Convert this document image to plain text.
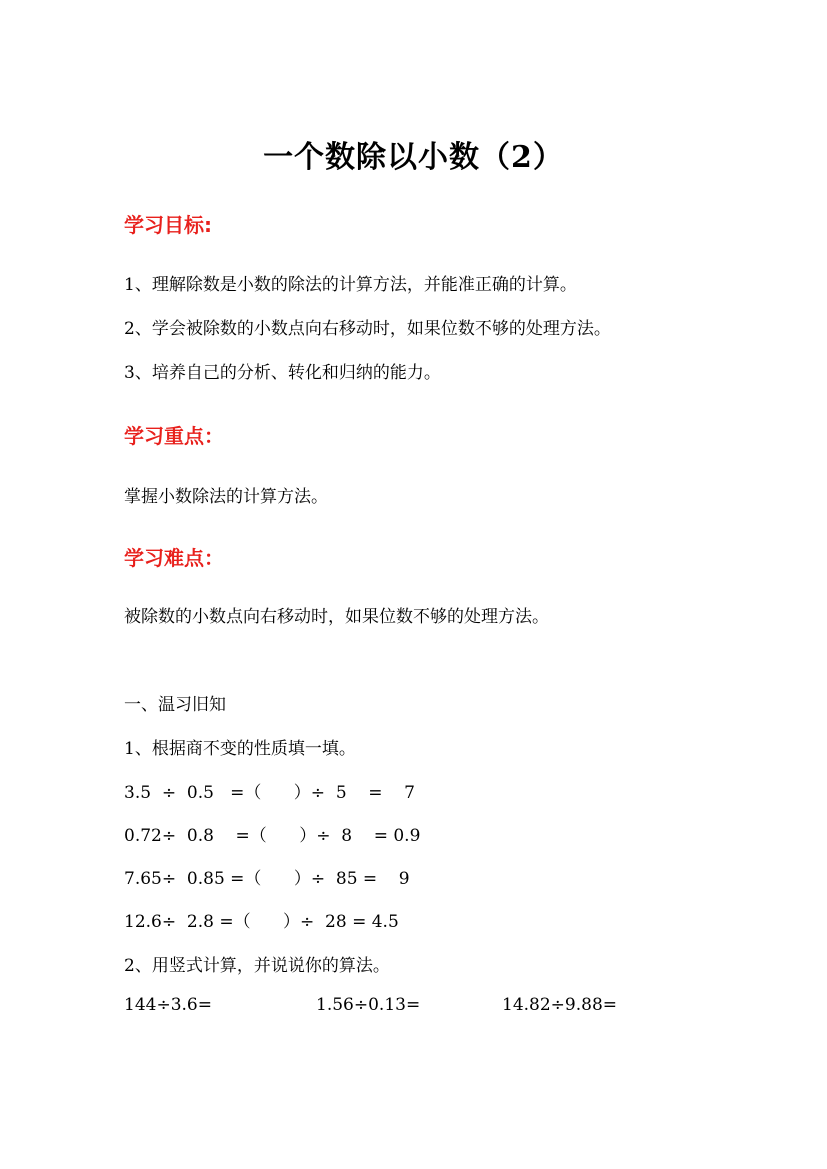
一个数除以小数（2）
学习目标:
1、理解除数是小数的除法的计算方法，并能准正确的计算。
2、学会被除数的小数点向右移动时，如果位数不够的处理方法。
3、培养自己的分析、转化和归纳的能力。
学习重点：
掌握小数除法的计算方法。
学习难点：
被除数的小数点向右移动时，如果位数不够的处理方法。
一、温习旧知
1、根据商不变的性质填一填。
3.5  ÷  0.5   =（      ）÷  5    =    7
0.72÷  0.8    =（      ）÷  8    = 0.9
7.65÷  0.85 =（      ）÷  85 =    9
12.6÷  2.8 =（      ）÷  28 = 4.5
2、用竖式计算，并说说你的算法。
144÷3.6=	1.56÷0.13=	14.82÷9.88=
